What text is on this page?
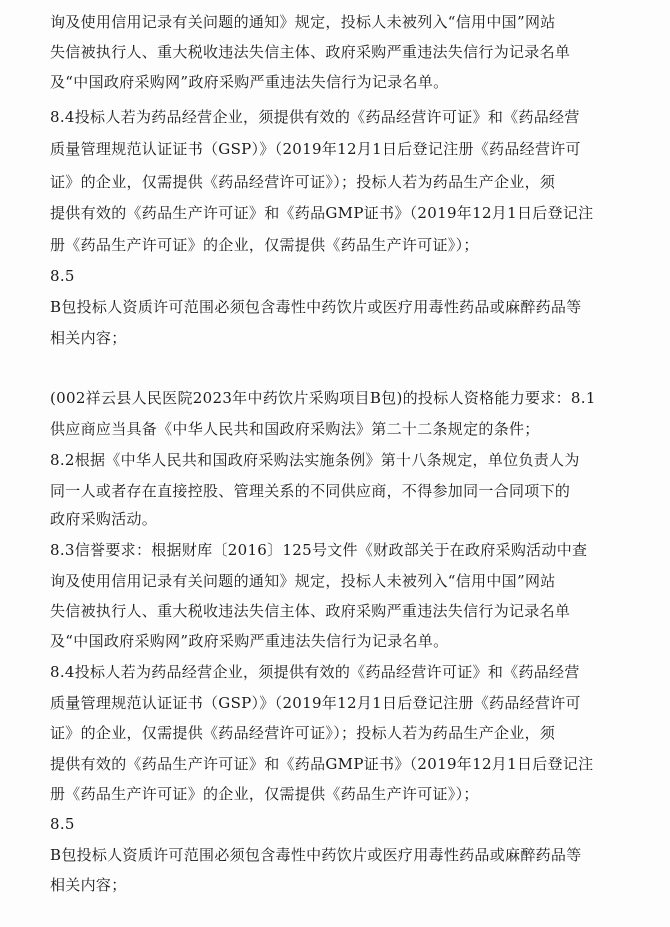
询及使用信用记录有关问题的通知》规定，投标人未被列入“信用中国”网站
失信被执行人、重大税收违法失信主体、政府采购严重违法失信行为记录名单
及“中国政府采购网”政府采购严重违法失信行为记录名单。
8.4投标人若为药品经营企业，须提供有效的《药品经营许可证》和《药品经营
质量管理规范认证证书（GSP）》（2019年12月1日后登记注册《药品经营许可
证》的企业，仅需提供《药品经营许可证》）；投标人若为药品生产企业，须
提供有效的《药品生产许可证》和《药品GMP证书》（2019年12月1日后登记注
册《药品生产许可证》的企业，仅需提供《药品生产许可证》）；
8.5
B包投标人资质许可范围必须包含毒性中药饮片或医疗用毒性药品或麻醉药品等
相关内容；
(002祥云县人民医院2023年中药饮片采购项目B包)的投标人资格能力要求：8.1
供应商应当具备《中华人民共和国政府采购法》第二十二条规定的条件；
8.2根据《中华人民共和国政府采购法实施条例》第十八条规定，单位负责人为
同一人或者存在直接控股、管理关系的不同供应商，不得参加同一合同项下的
政府采购活动。
8.3信誉要求：根据财库〔2016〕125号文件《财政部关于在政府采购活动中查
询及使用信用记录有关问题的通知》规定，投标人未被列入“信用中国”网站
失信被执行人、重大税收违法失信主体、政府采购严重违法失信行为记录名单
及“中国政府采购网”政府采购严重违法失信行为记录名单。
8.4投标人若为药品经营企业，须提供有效的《药品经营许可证》和《药品经营
质量管理规范认证证书（GSP）》（2019年12月1日后登记注册《药品经营许可
证》的企业，仅需提供《药品经营许可证》）；投标人若为药品生产企业，须
提供有效的《药品生产许可证》和《药品GMP证书》（2019年12月1日后登记注
册《药品生产许可证》的企业，仅需提供《药品生产许可证》）；
8.5
B包投标人资质许可范围必须包含毒性中药饮片或医疗用毒性药品或麻醉药品等
相关内容；
